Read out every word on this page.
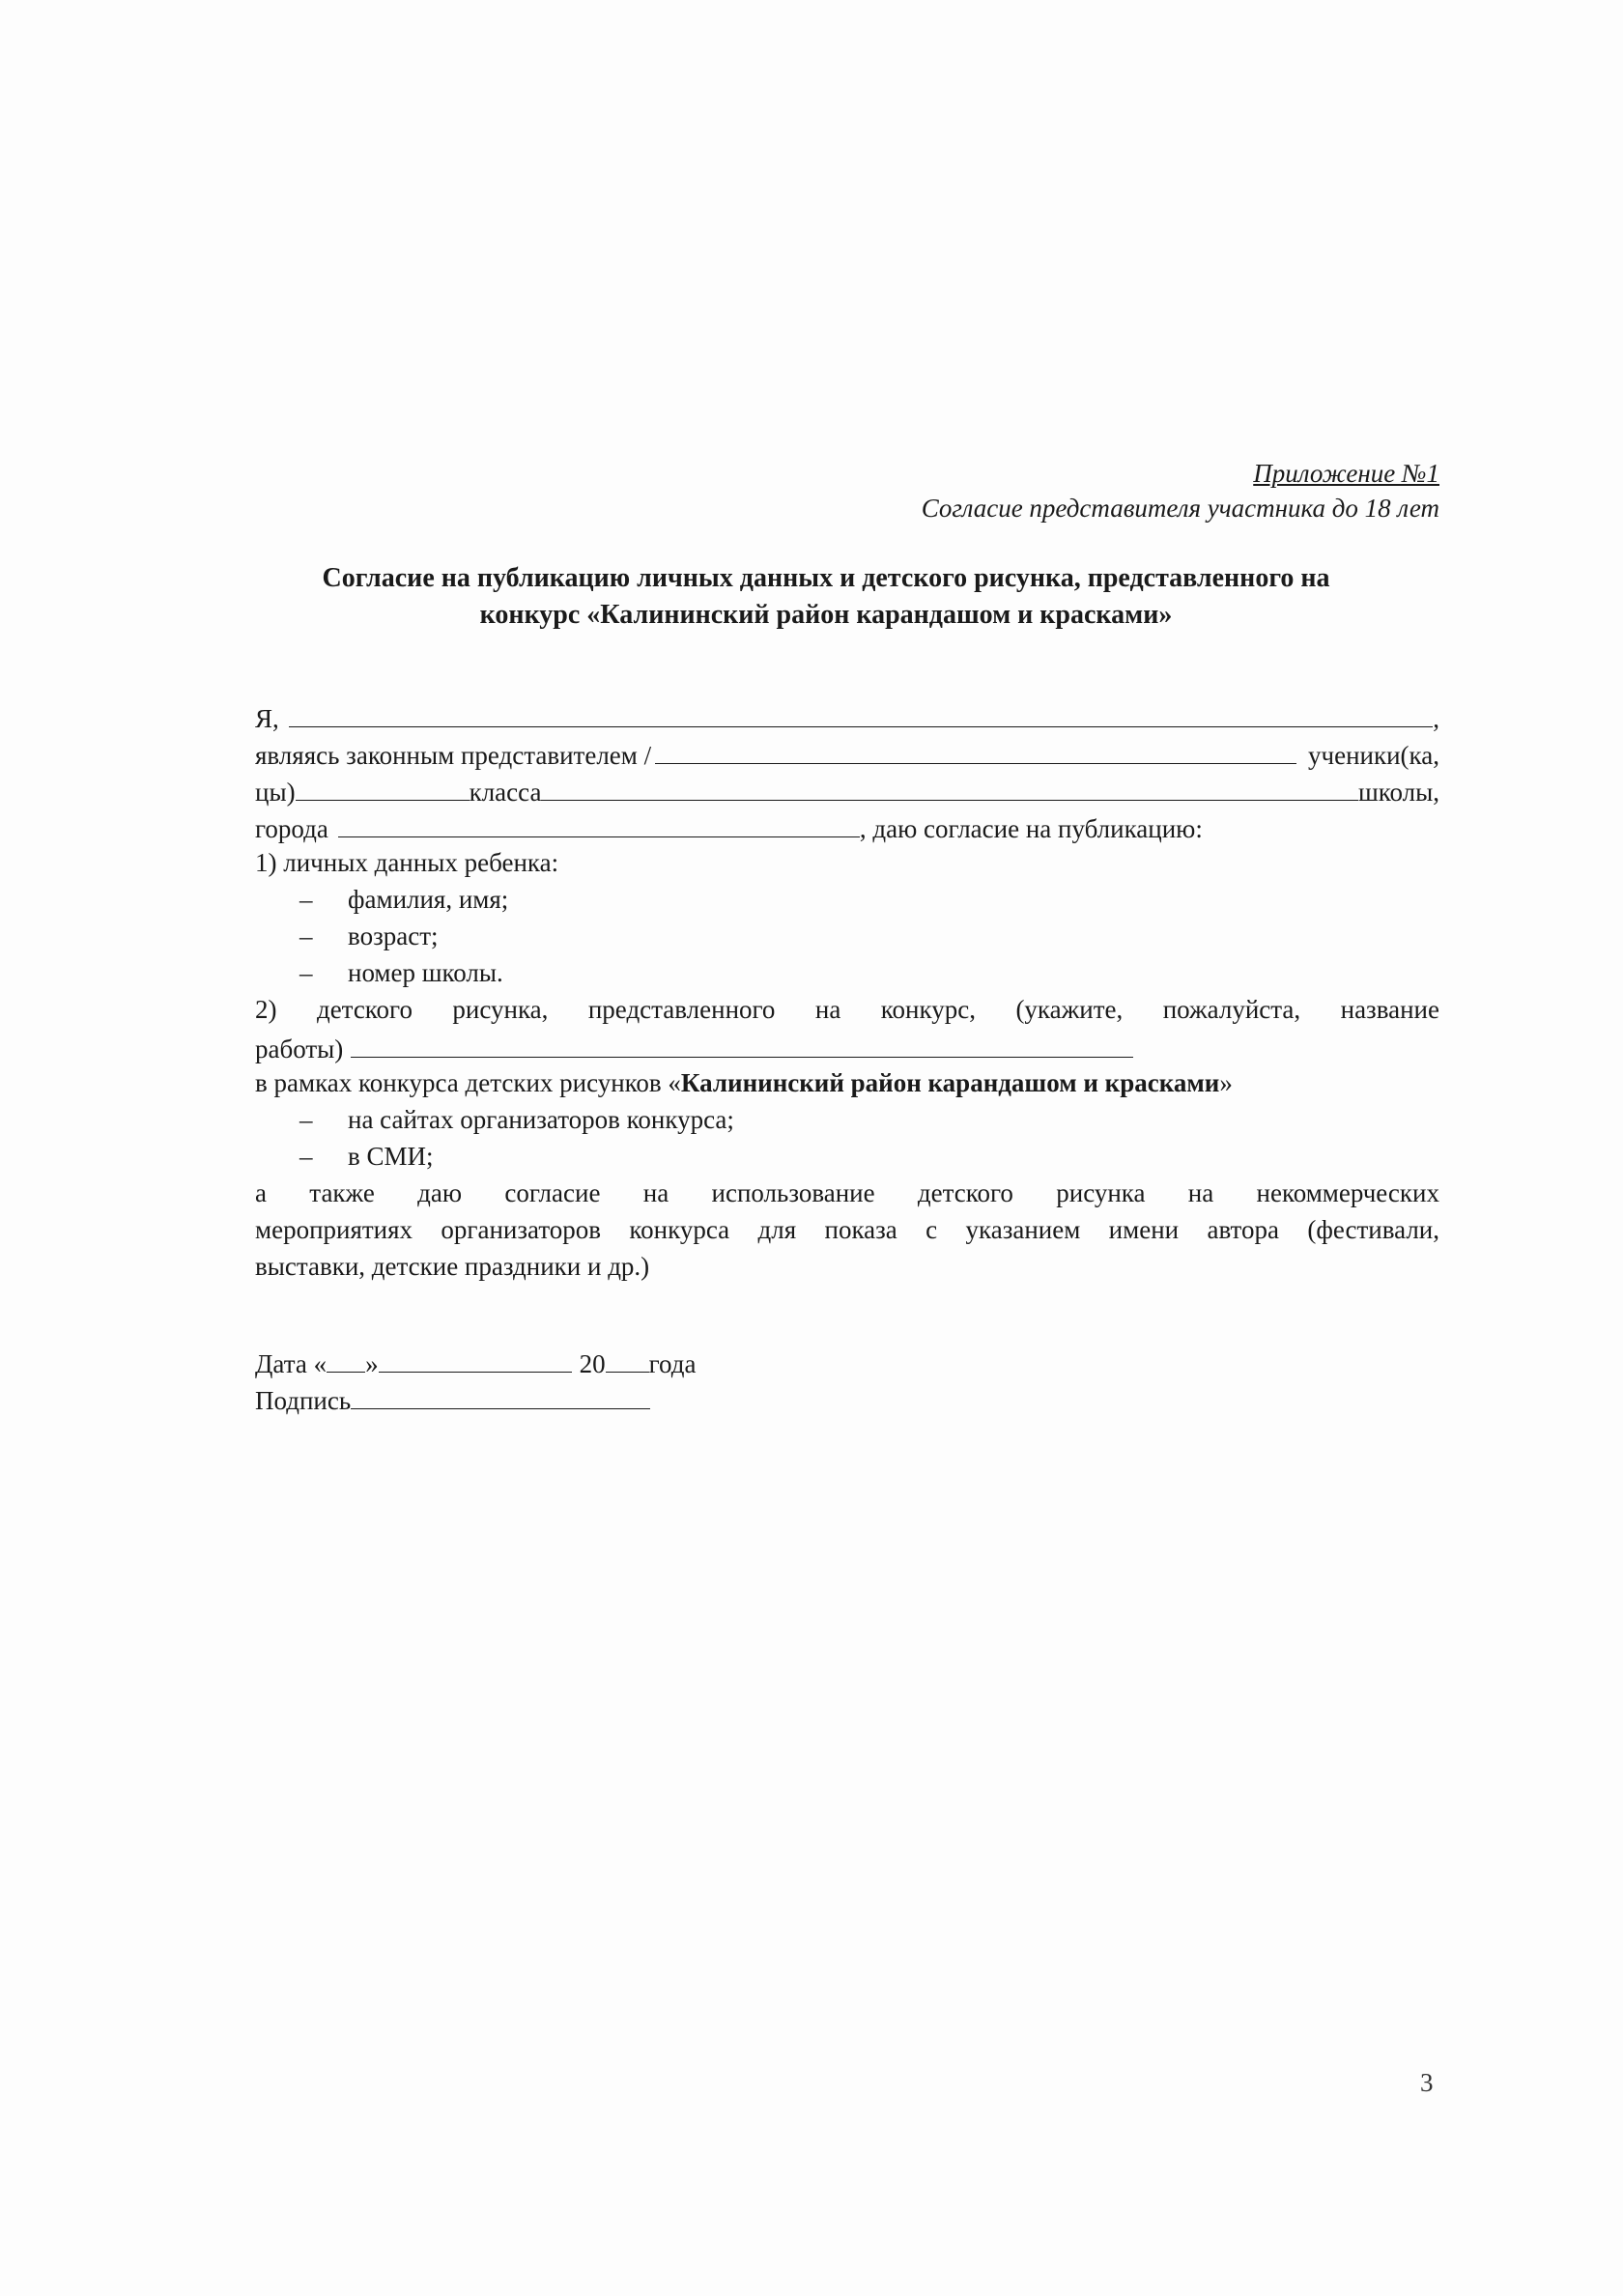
Приложение №1
Согласие представителя участника до 18 лет
Согласие на публикацию личных данных и детского рисунка, представленного на
конкурс «Калининский район карандашом и красками»
Я,	,
являясь законным представителем /	ученики(ка,
цы)	класса	школы,
города	, даю согласие на публикацию:
1) личных данных ребенка:
– фамилия, имя;
– возраст;
– номер школы.
2) детского рисунка, представленного на конкурс, (укажите, пожалуйста, название
работы)
в рамках конкурса детских рисунков «Калининский район карандашом и красками»
– на сайтах организаторов конкурса;
– в СМИ;
а также даю согласие на использование детского рисунка на некоммерческих
мероприятиях организаторов конкурса для показа с указанием имени автора (фестивали,
выставки, детские праздники и др.)
Дата « »	20 года
Подпись
3
